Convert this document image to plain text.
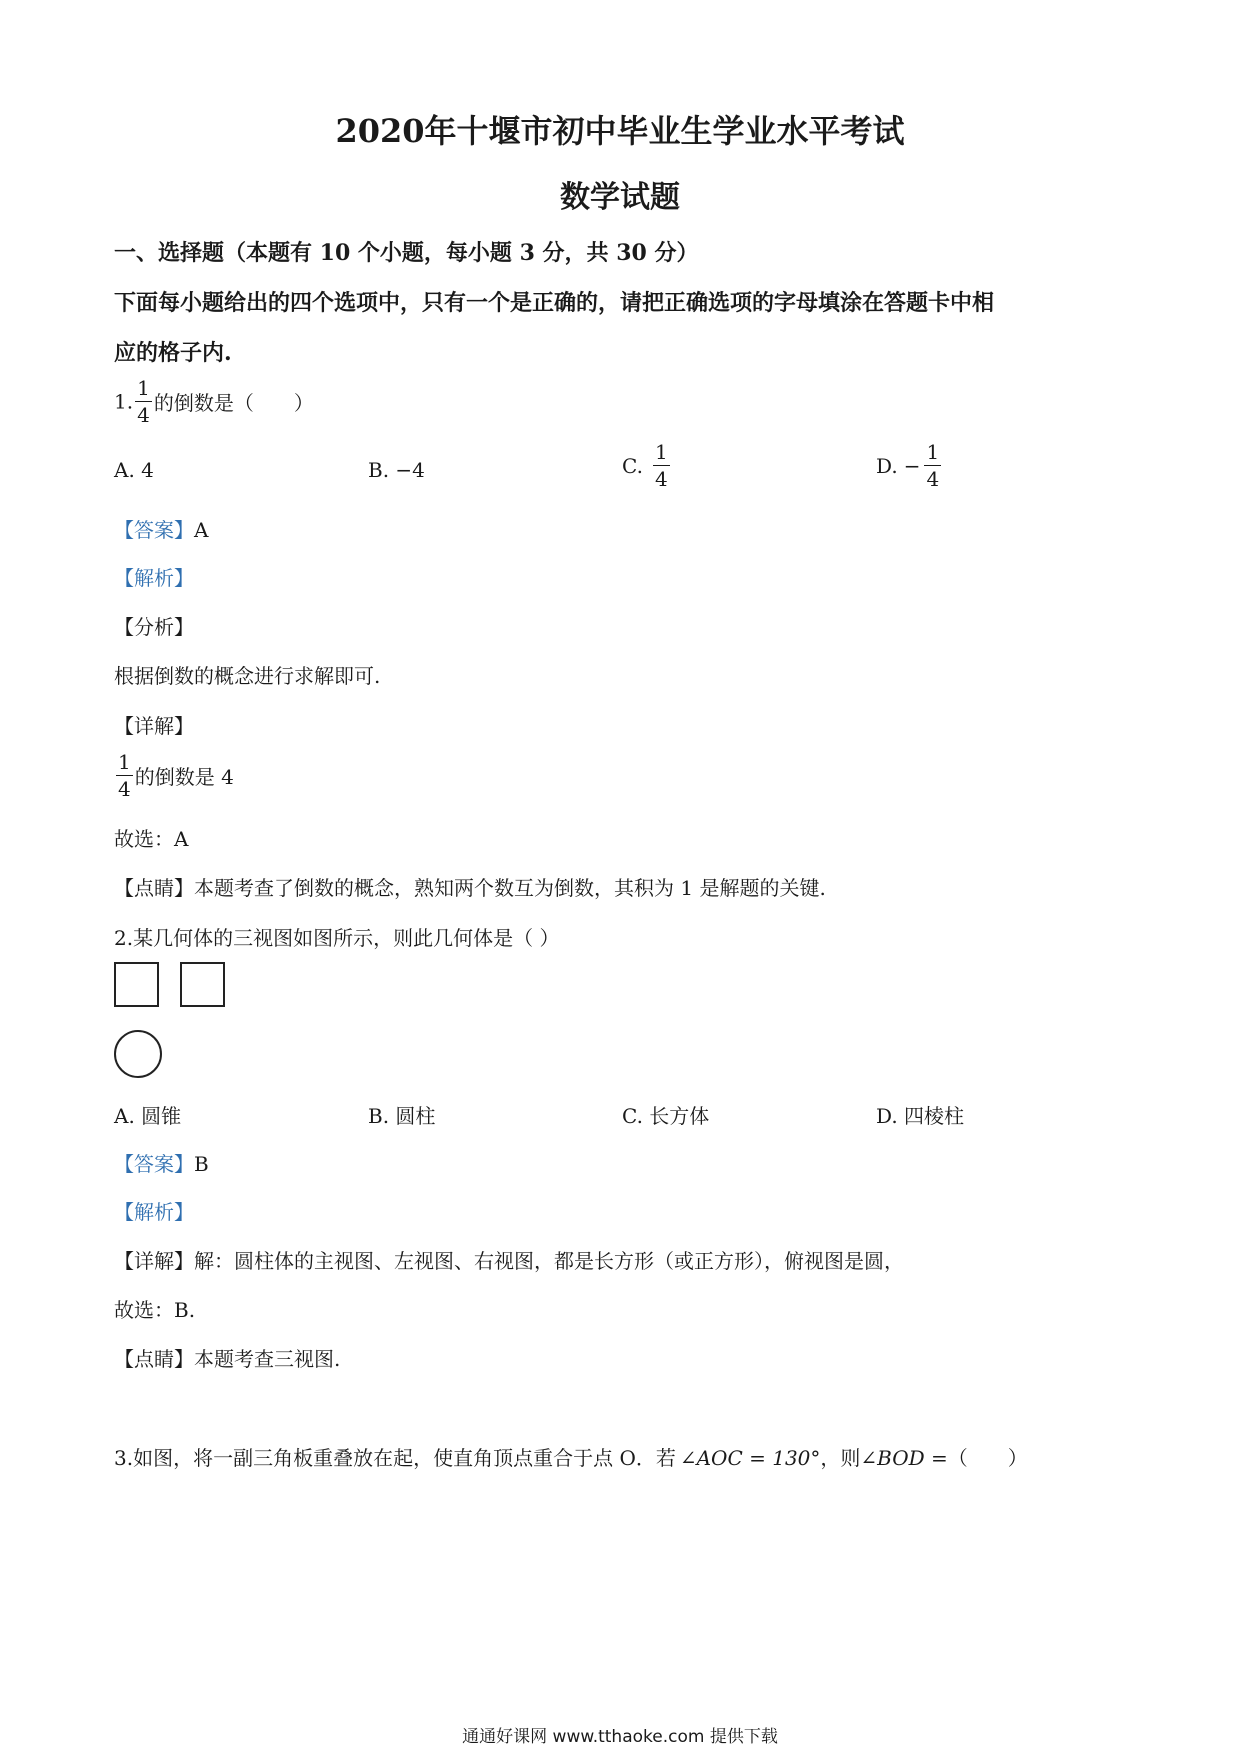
2020年十堰市初中毕业生学业水平考试
数学试题
一、选择题（本题有 10 个小题，每小题 3 分，共 30 分）
下面每小题给出的四个选项中，只有一个是正确的，请把正确选项的字母填涂在答题卡中相
应的格子内.
1. $\frac{1}{4}$ 的倒数是（　　）
A. 4	B. −4	C. $\frac{1}{4}$	D. − $\frac{1}{4}$
【答案】A
【解析】
【分析】
根据倒数的概念进行求解即可.
【详解】
$\frac{1}{4}$ 的倒数是 4
故选：A
【点睛】本题考查了倒数的概念，熟知两个数互为倒数，其积为 1 是解题的关键.
2.某几何体的三视图如图所示，则此几何体是（ ）
A. 圆锥	B. 圆柱	C. 长方体	D. 四棱柱
【答案】B
【解析】
【详解】解：圆柱体的主视图、左视图、右视图，都是长方形（或正方形），俯视图是圆，
故选：B.
【点睛】本题考查三视图.
3.如图，将一副三角板重叠放在起，使直角顶点重合于点 O．若 ∠AOC = 130°，则∠BOD =（　　）
通通好课网 www.tthaoke.com 提供下载
